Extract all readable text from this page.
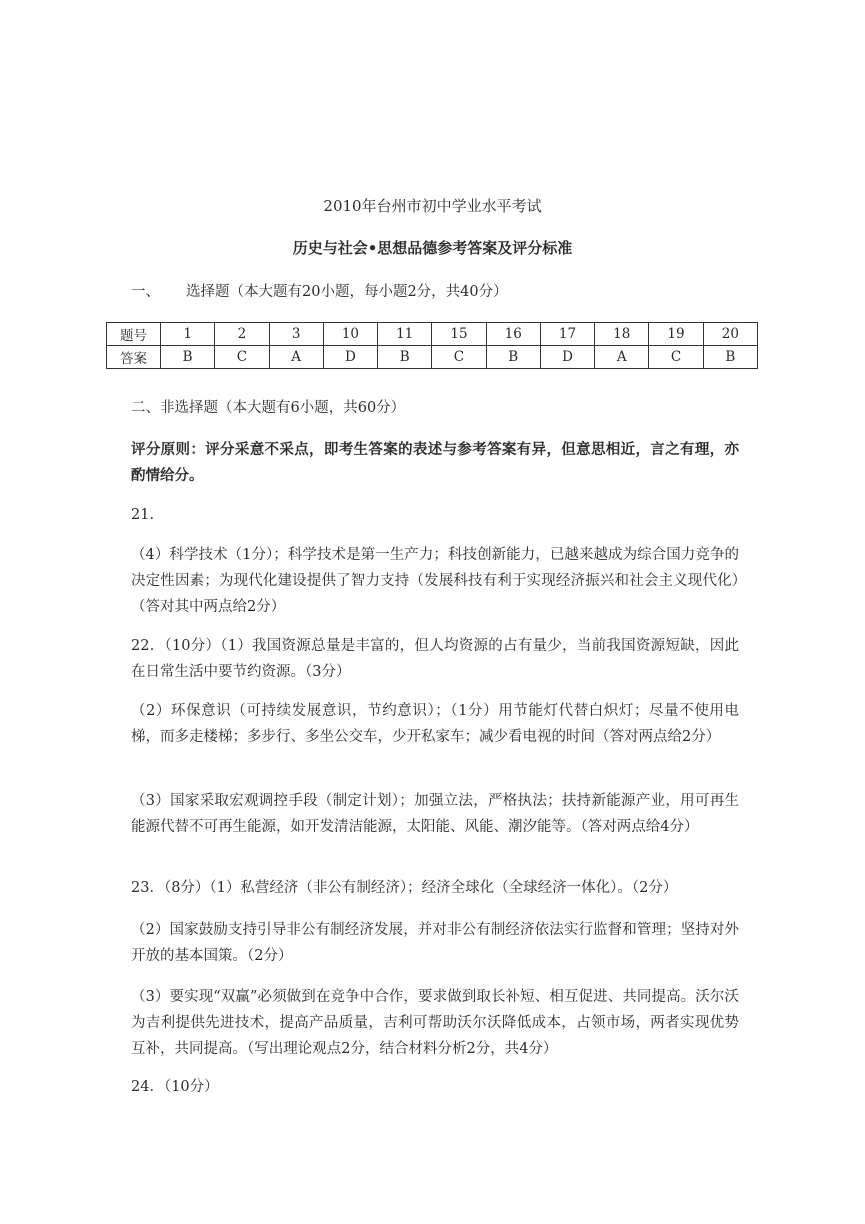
2010年台州市初中学业水平考试
历史与社会•思想品德参考答案及评分标准
一、 选择题（本大题有20小题，每小题2分，共40分）
题号	1	2	3	10	11	15	16	17	18	19	20
答案	B	C	A	D	B	C	B	D	A	C	B
二、非选择题（本大题有6小题，共60分）
评分原则：评分采意不采点，即考生答案的表述与参考答案有异，但意思相近，言之有理，亦酌情给分。
21.
（4）科学技术（1分）；科学技术是第一生产力；科技创新能力，已越来越成为综合国力竞争的决定性因素；为现代化建设提供了智力支持（发展科技有利于实现经济振兴和社会主义现代化）（答对其中两点给2分）
22．（10分）（1）我国资源总量是丰富的，但人均资源的占有量少，当前我国资源短缺，因此在日常生活中要节约资源。（3分）
（2）环保意识（可持续发展意识，节约意识）；（1分）用节能灯代替白炽灯；尽量不使用电梯，而多走楼梯；多步行、多坐公交车，少开私家车；减少看电视的时间（答对两点给2分）
（3）国家采取宏观调控手段（制定计划）；加强立法，严格执法；扶持新能源产业，用可再生能源代替不可再生能源，如开发清洁能源，太阳能、风能、潮汐能等。（答对两点给4分）
23．（8分）（1）私营经济（非公有制经济）；经济全球化（全球经济一体化）。（2分）
（2）国家鼓励支持引导非公有制经济发展，并对非公有制经济依法实行监督和管理；坚持对外开放的基本国策。（2分）
（3）要实现“双赢”必须做到在竞争中合作，要求做到取长补短、相互促进、共同提高。沃尔沃为吉利提供先进技术，提高产品质量，吉利可帮助沃尔沃降低成本，占领市场，两者实现优势互补，共同提高。（写出理论观点2分，结合材料分析2分，共4分）
24．（10分）
